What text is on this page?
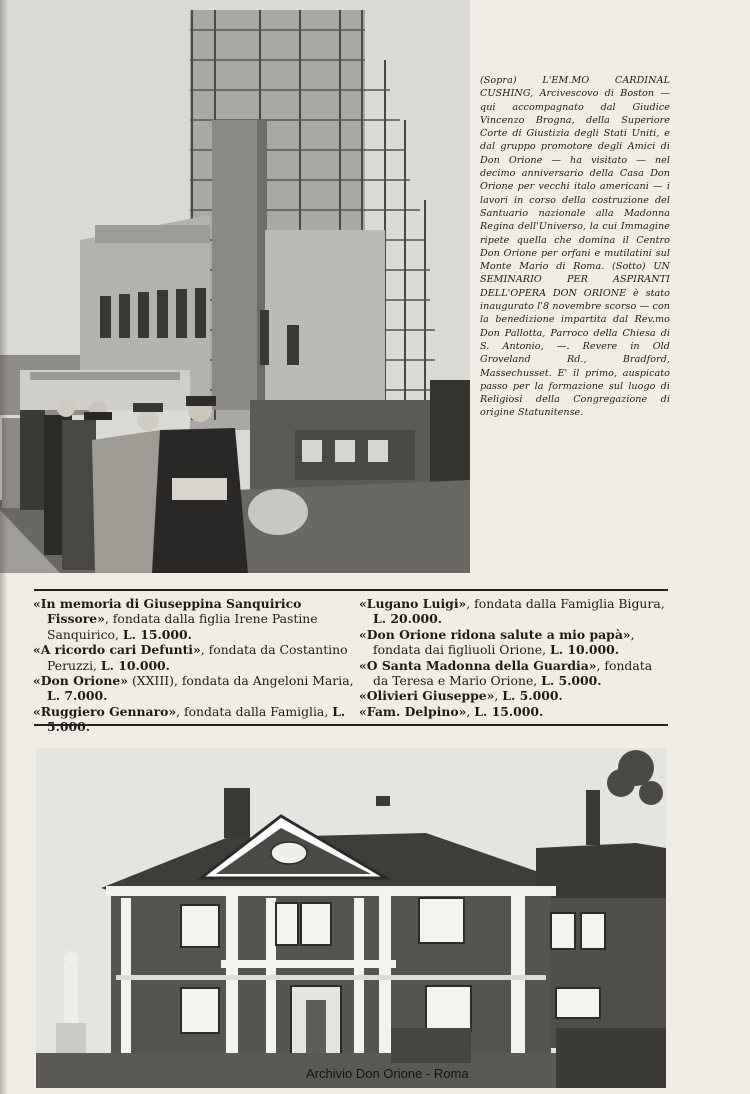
(Sopra) L'EM.MO CARDINAL CUSHING, Arcivescovo di Boston — qui accompagnato dal Giudice Vincenzo Brogna, della Superiore Corte di Giustizia degli Stati Uniti, e dal gruppo promotore degli Amici di Don Orione — ha visitato — nel decimo anniversario della Casa Don Orione per vecchi italo americani — i lavori in corso della costruzione del Santuario nazionale alla Madonna Regina dell'Universo, la cui Immagine ripete quella che domina il Centro Don Orione per orfani e mutilatini sul Monte Mario di Roma. (Sotto) UN SEMINARIO PER ASPIRANTI DELL'OPERA DON ORIONE è stato inaugurato l'8 novembre scorso — con la benedizione impartita dal Rev.mo Don Pallotta, Parroco della Chiesa di S. Antonio, —. Revere in Old Groveland Rd., Bradford, Massechusset. E' il primo, auspicato passo per la formazione sul luogo di Religiosi della Congregazione di origine Statunitense.

«In memoria di Giuseppina Sanquirico Fissore», fondata dalla figlia Irene Pastine Sanquirico, L. 15.000.

«A ricordo cari Defunti», fondata da Costantino Peruzzi, L. 10.000.

«Don Orione» (XXIII), fondata da Angeloni Maria, L. 7.000.

«Ruggiero Gennaro», fondata dalla Famiglia, L. 5.000.

«Lugano Luigi», fondata dalla Famiglia Bigura, L. 20.000.

«Don Orione ridona salute a mio papà», fondata dai figliuoli Orione, L. 10.000.

«O Santa Madonna della Guardia», fondata da Teresa e Mario Orione, L. 5.000.

«Olivieri Giuseppe», L. 5.000.

«Fam. Delpino», L. 15.000.

Archivio Don Orione - Roma
